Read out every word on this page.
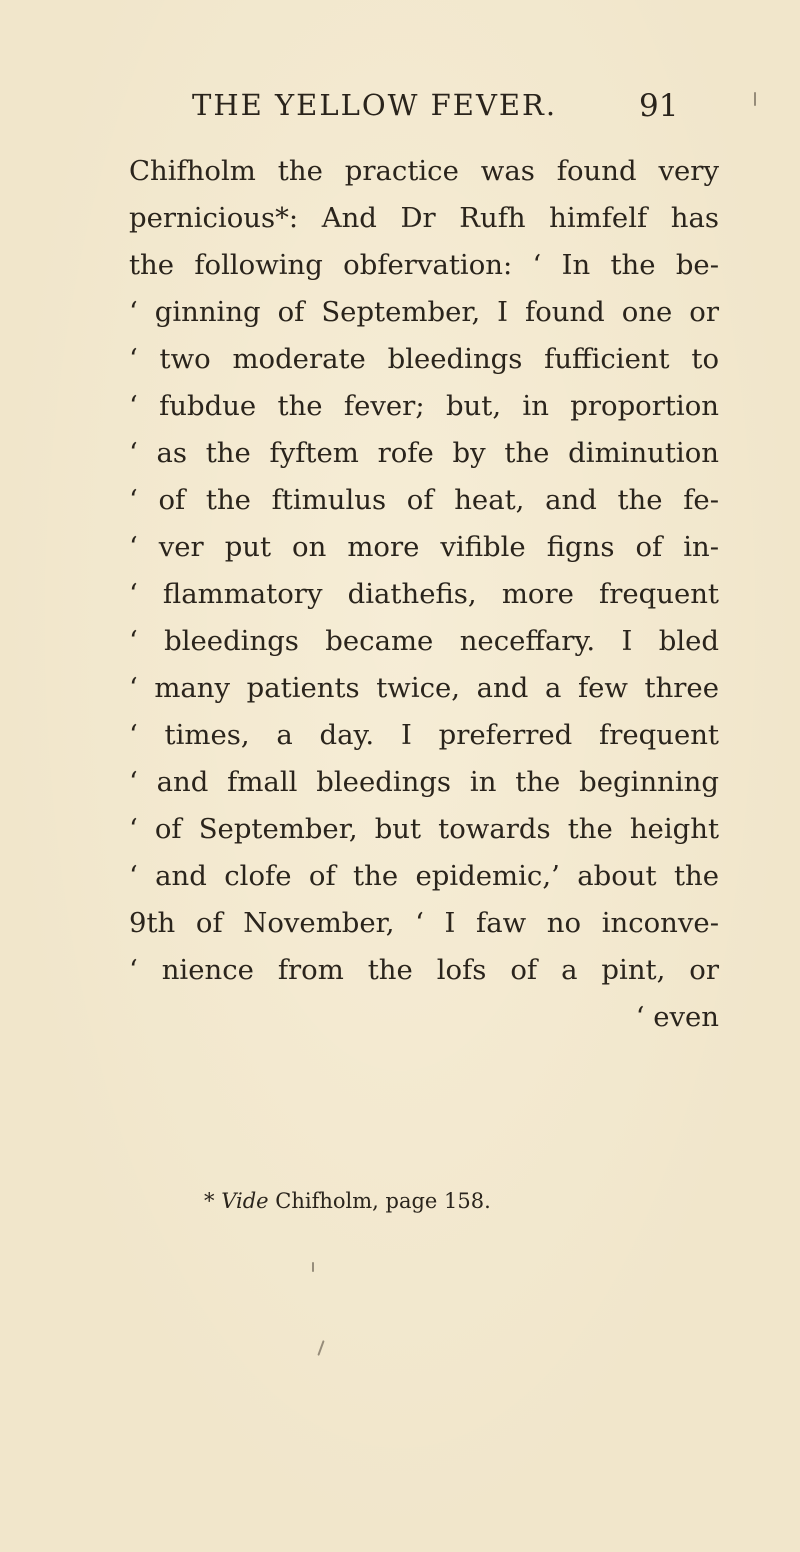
THE YELLOW FEVER.	91
Chifholm the practice was found very
pernicious*: And Dr Rufh himfelf has
the following obfervation: ‘ In the be-
‘ ginning of September, I found one or
‘ two moderate bleedings fufficient to
‘ fubdue the fever; but, in proportion
‘ as the fyftem rofe by the diminution
‘ of the ftimulus of heat, and the fe-
‘ ver put on more vifible figns of in-
‘ flammatory diathefis, more frequent
‘ bleedings became neceffary. I bled
‘ many patients twice, and a few three
‘ times, a day. I preferred frequent
‘ and fmall bleedings in the beginning
‘ of September, but towards the height
‘ and clofe of the epidemic,’ about the
9th of November, ‘ I faw no inconve-
‘ nience from the lofs of a pint, or
‘ even
* Vide Chifholm, page 158.
